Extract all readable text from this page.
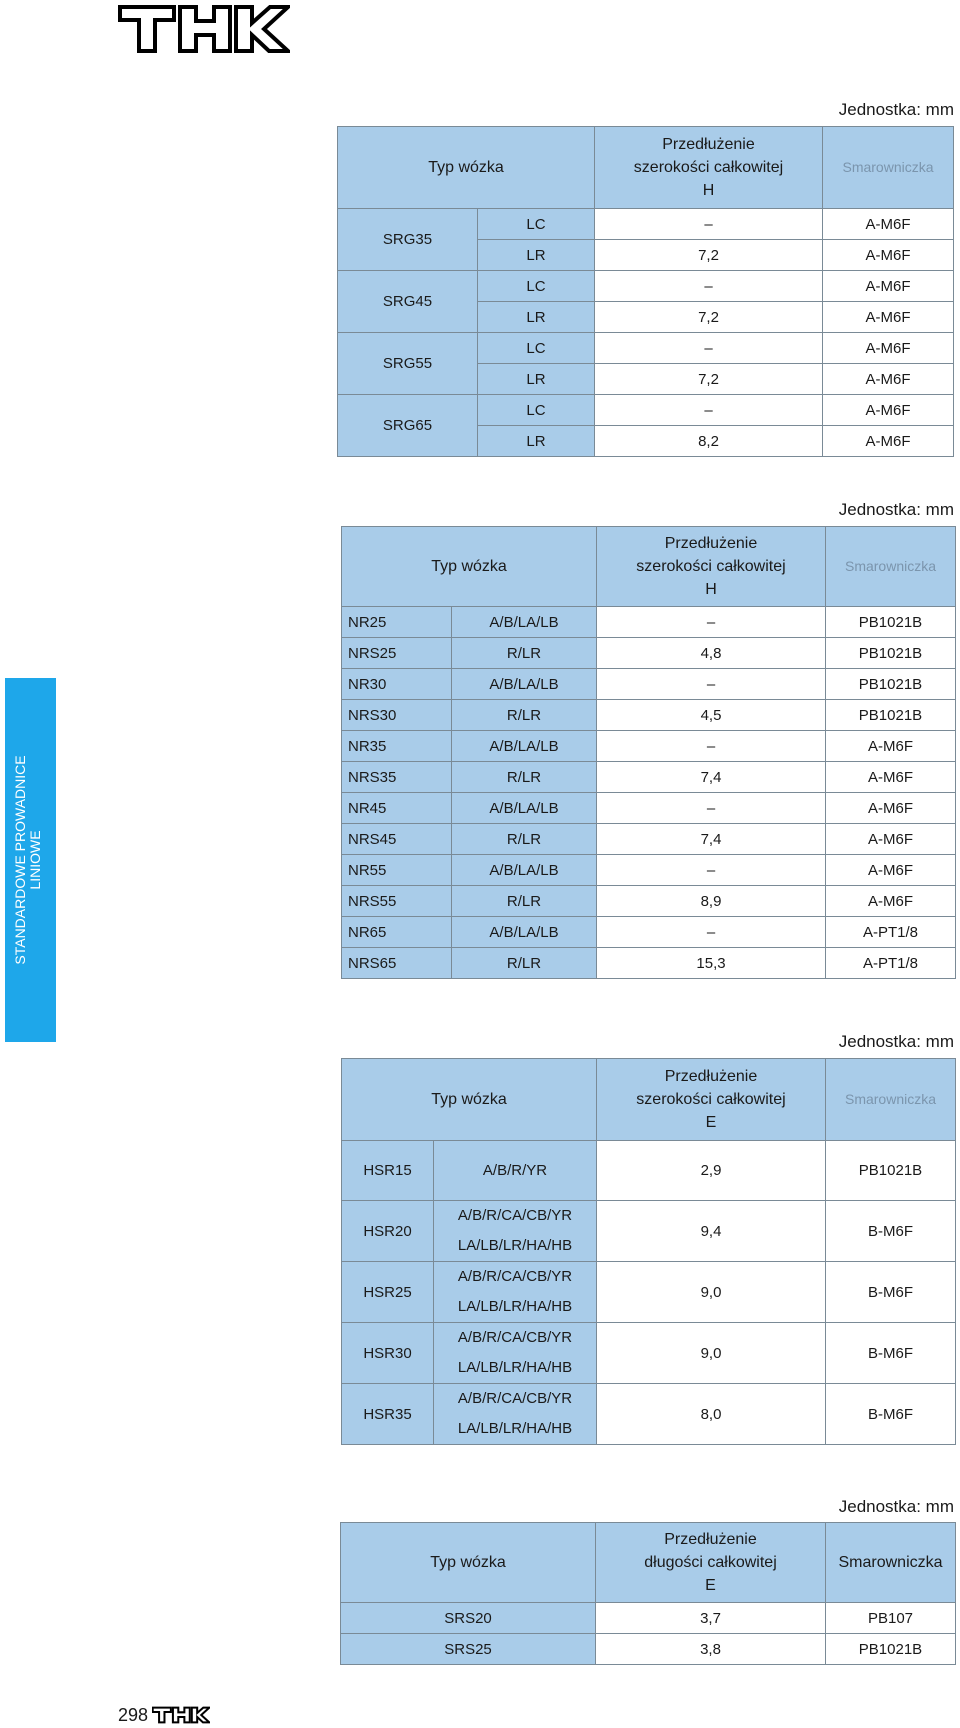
STANDARDOWE PROWADNICE LINIOWE
Jednostka: mm
Typ wózka		Przedłużenie
szerokości całkowitej
H	Smarowniczka
SRG35	LC	–	A-M6F
	LR	7,2	A-M6F
SRG45	LC	–	A-M6F
	LR	7,2	A-M6F
SRG55	LC	–	A-M6F
	LR	7,2	A-M6F
SRG65	LC	–	A-M6F
	LR	8,2	A-M6F
Jednostka: mm
Typ wózka		Przedłużenie
szerokości całkowitej
H	Smarowniczka
NR25	A/B/LA/LB	–	PB1021B
NRS25	R/LR	4,8	PB1021B
NR30	A/B/LA/LB	–	PB1021B
NRS30	R/LR	4,5	PB1021B
NR35	A/B/LA/LB	–	A-M6F
NRS35	R/LR	7,4	A-M6F
NR45	A/B/LA/LB	–	A-M6F
NRS45	R/LR	7,4	A-M6F
NR55	A/B/LA/LB	–	A-M6F
NRS55	R/LR	8,9	A-M6F
NR65	A/B/LA/LB	–	A-PT1/8
NRS65	R/LR	15,3	A-PT1/8
Jednostka: mm
Typ wózka		Przedłużenie
szerokości całkowitej
E	Smarowniczka
HSR15	A/B/R/YR	2,9	PB1021B
HSR20	A/B/R/CA/CB/YR
LA/LB/LR/HA/HB	9,4	B-M6F
HSR25	A/B/R/CA/CB/YR
LA/LB/LR/HA/HB	9,0	B-M6F
HSR30	A/B/R/CA/CB/YR
LA/LB/LR/HA/HB	9,0	B-M6F
HSR35	A/B/R/CA/CB/YR
LA/LB/LR/HA/HB	8,0	B-M6F
Jednostka: mm
Typ wózka	Przedłużenie
długości całkowitej
E	Smarowniczka
SRS20	3,7	PB107
SRS25	3,8	PB1021B
298
